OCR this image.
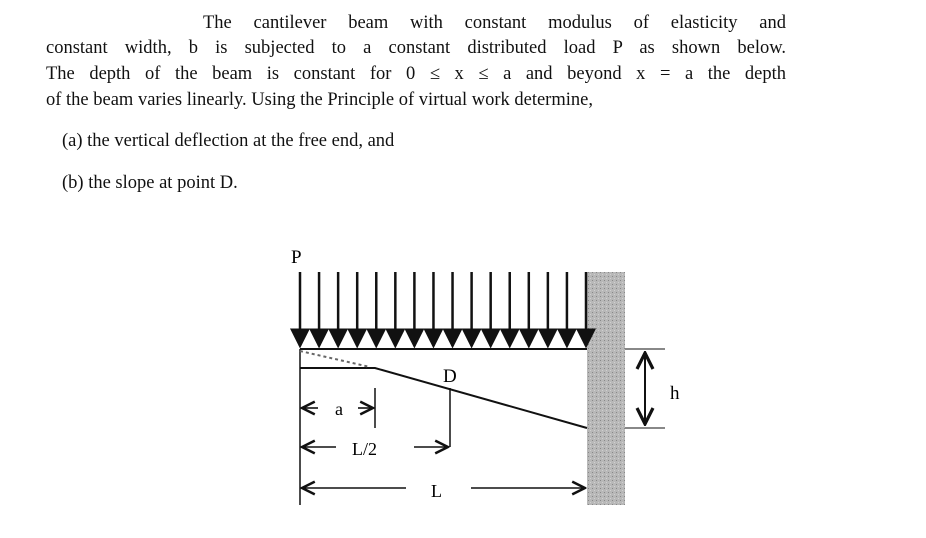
The cantilever beam with constant modulus of elasticity and
constant width, b is subjected to a constant distributed load P as shown below.
The depth of the beam is constant for 0 ≤ x ≤ a and beyond x = a the depth
of the beam varies linearly. Using the Principle of virtual work determine,
(a) the vertical deflection at the free end, and
(b) the slope at point D.
P
D
a
L/2
L
h
